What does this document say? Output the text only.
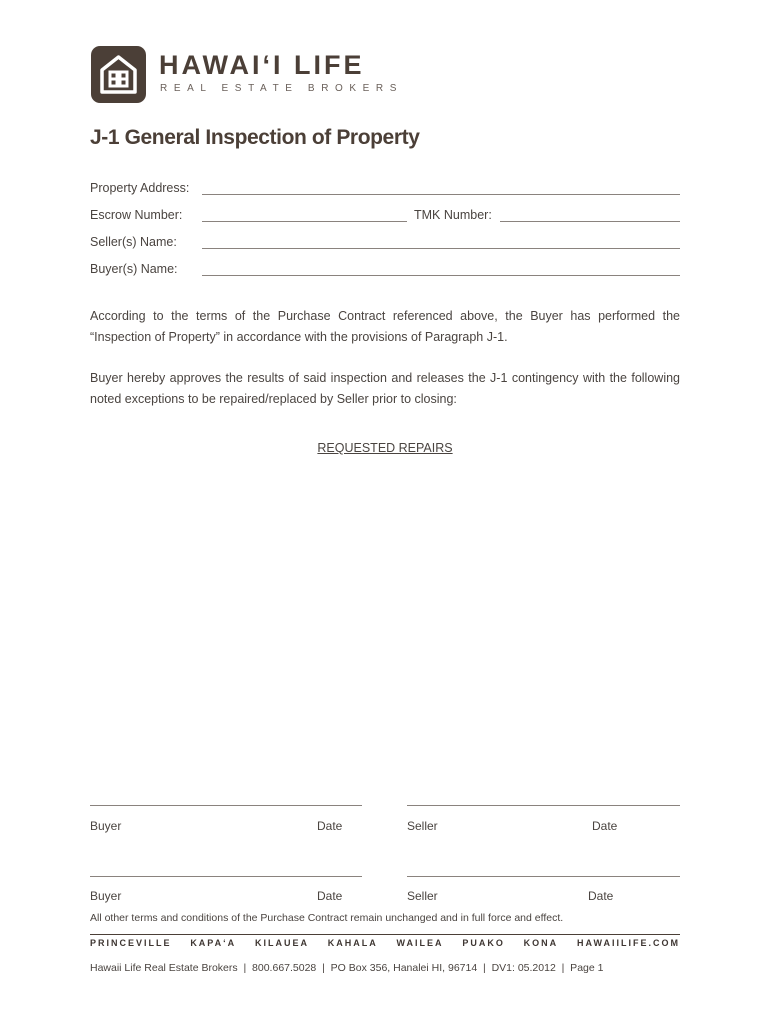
HAWAI‘I LIFE
REAL ESTATE BROKERS
J-1 General Inspection of Property
Property Address:
Escrow Number:	TMK Number:
Seller(s) Name:
Buyer(s) Name:
According to the terms of the Purchase Contract referenced above, the Buyer has performed the “Inspection of Property” in accordance with the provisions of Paragraph J-1.
Buyer hereby approves the results of said inspection and releases the J-1 contingency with the following noted exceptions to be repaired/replaced by Seller prior to closing:
REQUESTED REPAIRS
Buyer	Date	Seller	Date
Buyer	Date	Seller	Date
All other terms and conditions of the Purchase Contract remain unchanged and in full force and effect.
PRINCEVILLE KAPA‘A KILAUEA KAHALA WAILEA PUAKO KONA HAWAIILIFE.COM
Hawaii Life Real Estate Brokers  |  800.667.5028  |  PO Box 356, Hanalei HI, 96714  |  DV1: 05.2012  |  Page 1
